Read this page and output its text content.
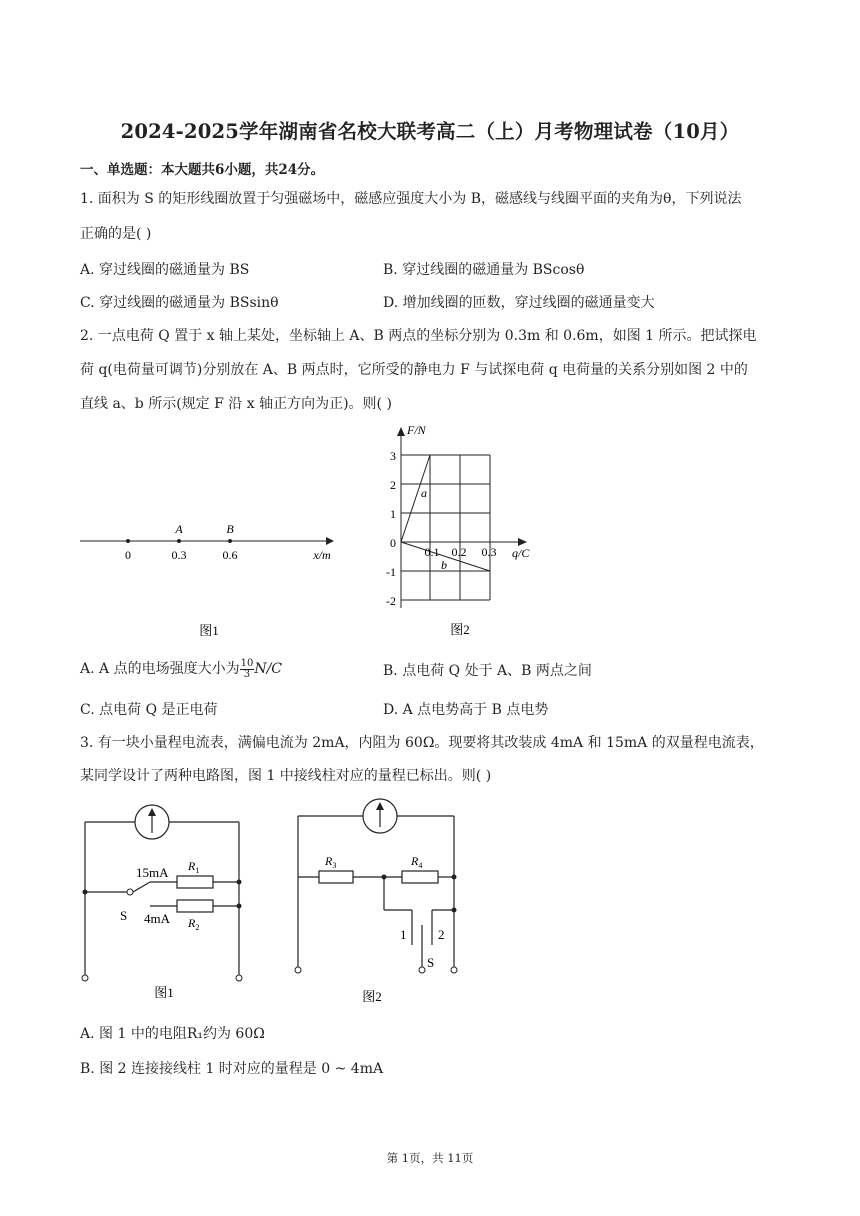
2024-2025学年湖南省名校大联考高二（上）月考物理试卷（10月）
一、单选题：本大题共6小题，共24分。
1. 面积为 S 的矩形线圈放置于匀强磁场中，磁感应强度大小为 B，磁感线与线圈平面的夹角为θ，下列说法
正确的是( )
A. 穿过线圈的磁通量为 BS	B. 穿过线圈的磁通量为 BScosθ
C. 穿过线圈的磁通量为 BSsinθ	D. 增加线圈的匝数，穿过线圈的磁通量变大
2. 一点电荷 Q 置于 x 轴上某处，坐标轴上 A、B 两点的坐标分别为 0.3m 和 0.6m，如图 1 所示。把试探电
荷 q(电荷量可调节)分别放在 A、B 两点时，它所受的静电力 F 与试探电荷 q 电荷量的关系分别如图 2 中的
直线 a、b 所示(规定 F 沿 x 轴正方向为正)。则( )
A	B
0	0.3	0.6	x/m
图1
F/N
q/C
3
2
1
0
-1
-2
0.1 0.2 0.3
a
b
图2
A. A 点的电场强度大小为 $\frac{10}{3} N/C$	B. 点电荷 Q 处于 A、B 两点之间
C. 点电荷 Q 是正电荷	D. A 点电势高于 B 点电势
3. 有一块小量程电流表，满偏电流为 2mA，内阻为 60Ω。现要将其改装成 4mA 和 15mA 的双量程电流表，
某同学设计了两种电路图，图 1 中接线柱对应的量程已标出。则( )
15mA
4mA
S
$R_1$
$R_2$
图1
$R_3$	$R_4$
1 2
S
图2
A. 图 1 中的电阻R₁约为 60Ω
B. 图 2 连接接线柱 1 时对应的量程是 0 ~ 4mA
第 1页，共 11页
